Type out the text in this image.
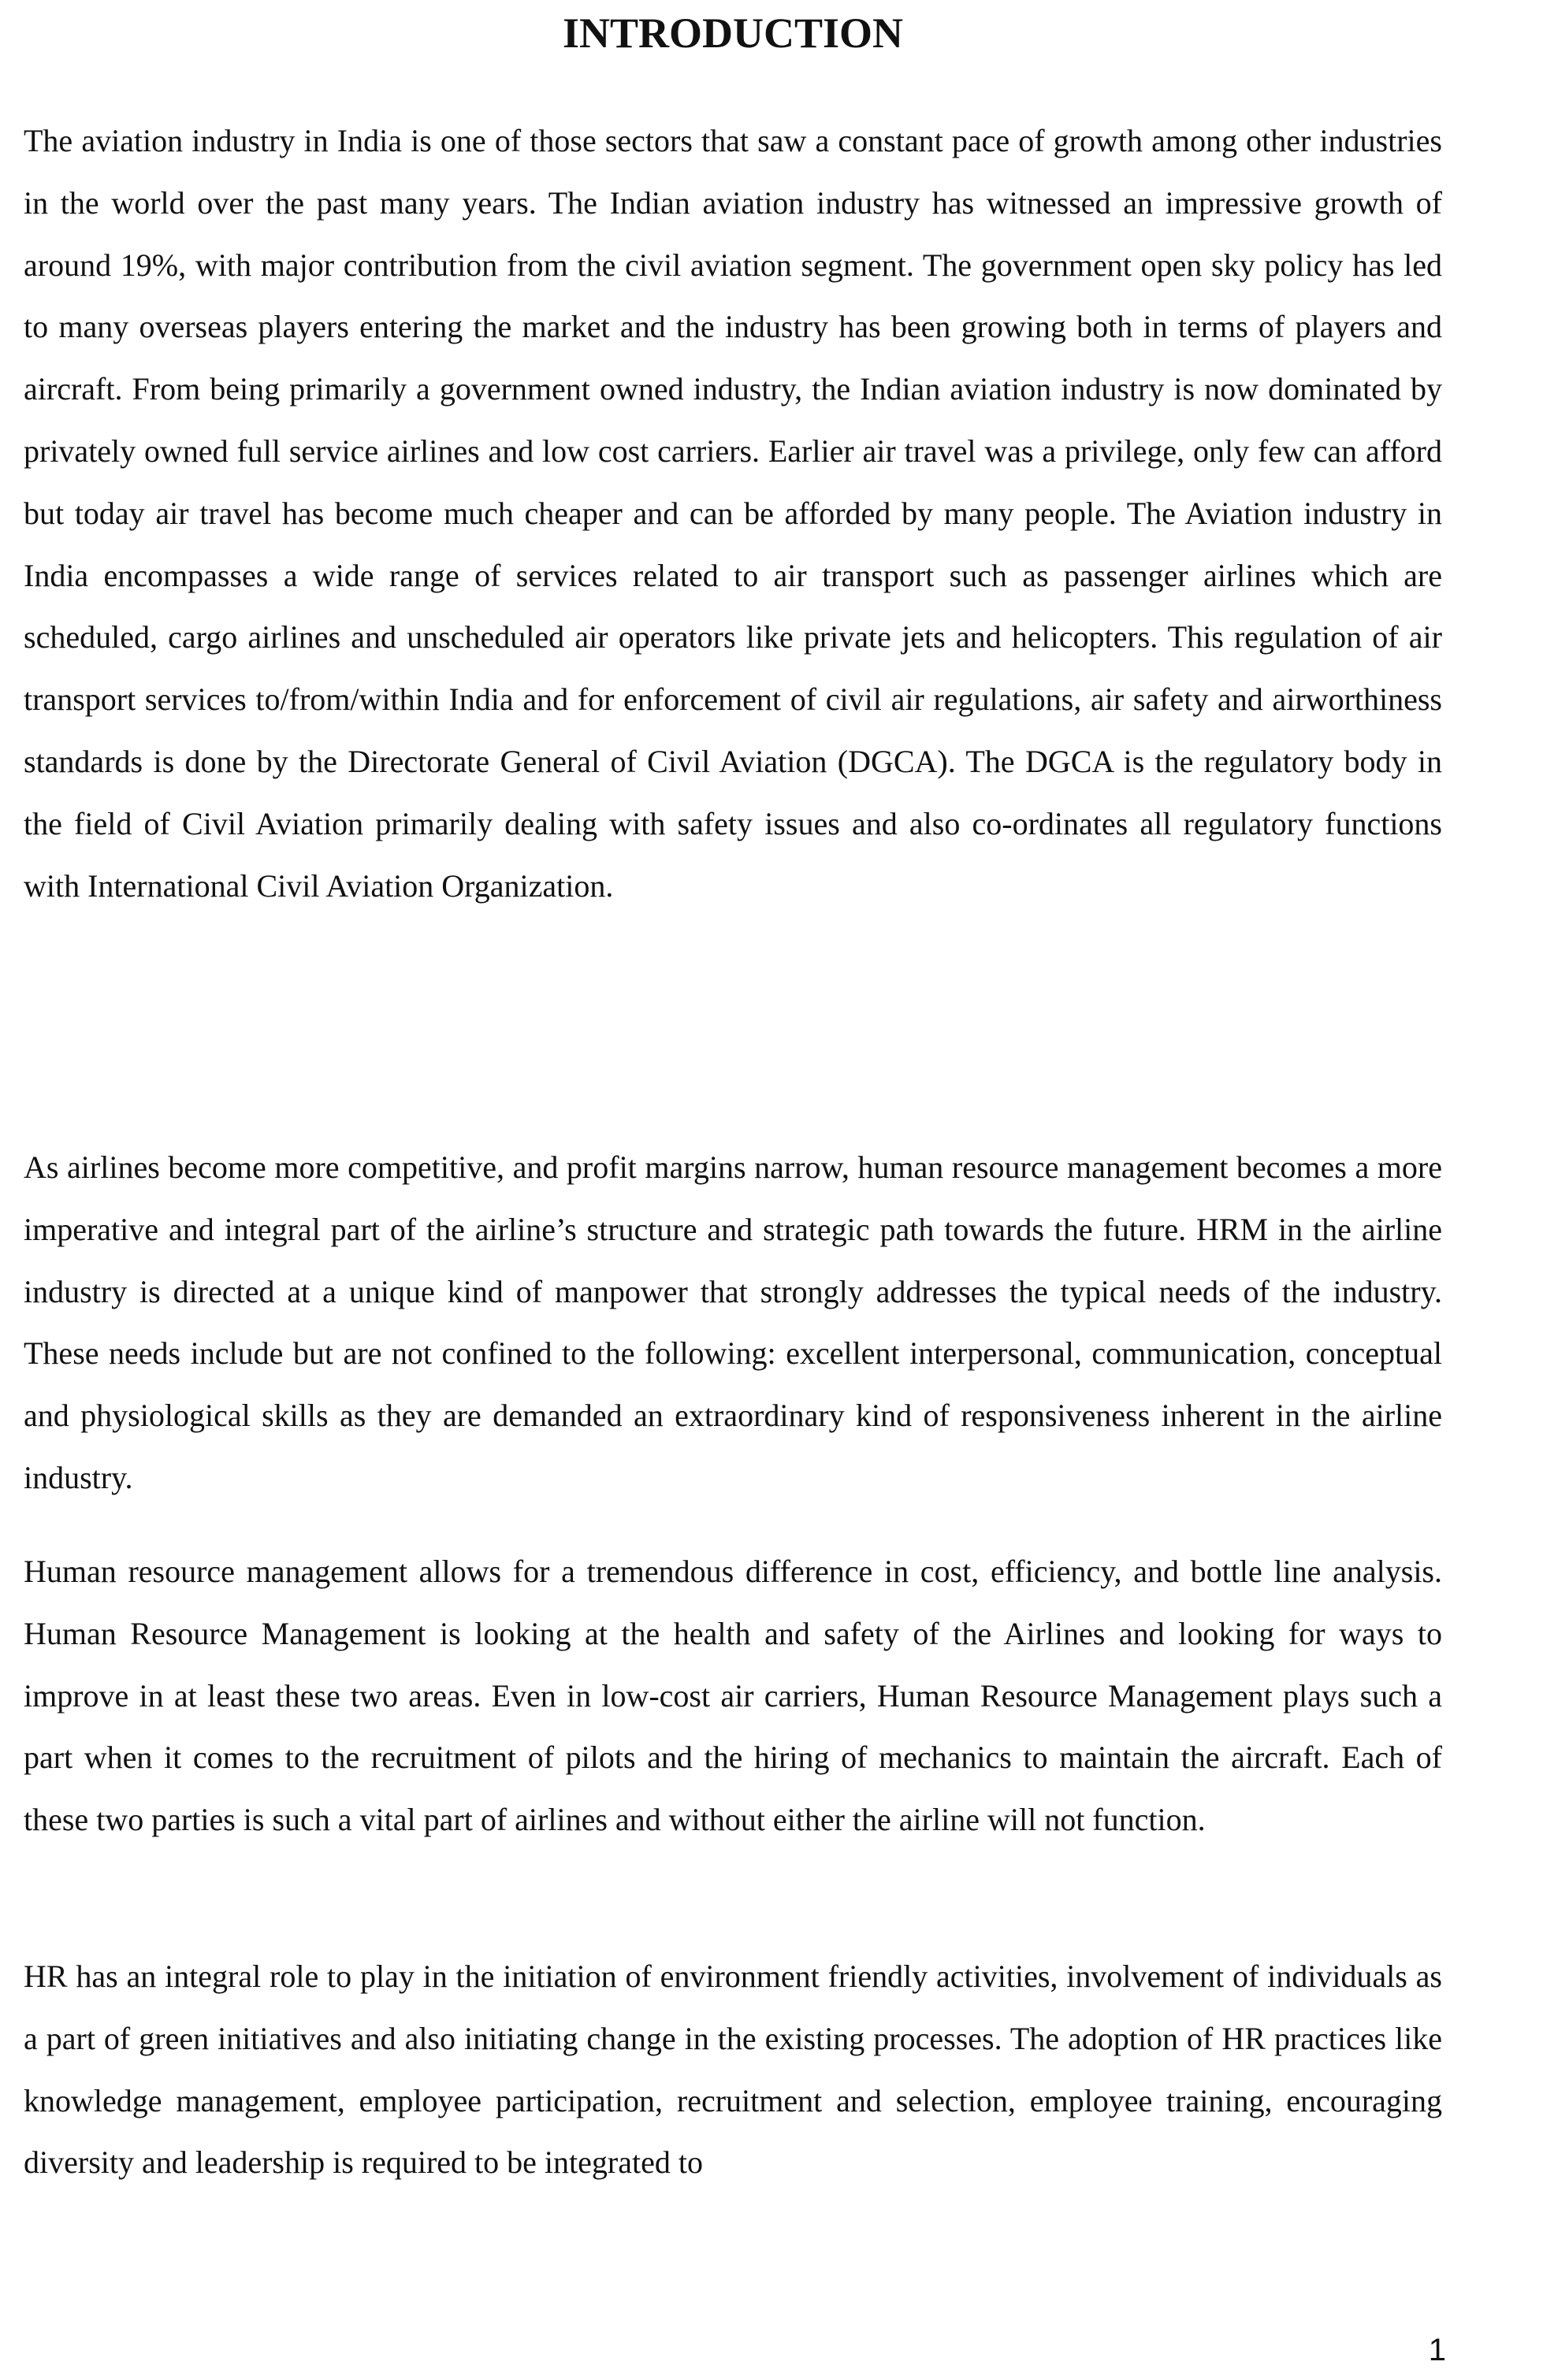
INTRODUCTION

The aviation industry in India is one of those sectors that saw a constant pace of growth among other industries in the world over the past many years. The Indian aviation industry has witnessed an impressive growth of around 19%, with major contribution from the civil aviation segment. The government open sky policy has led to many overseas players entering the market and the industry has been growing both in terms of players and aircraft. From being primarily a government owned industry, the Indian aviation industry is now dominated by privately owned full service airlines and low cost carriers. Earlier air travel was a privilege, only few can afford but today air travel has become much cheaper and can be afforded by many people. The Aviation industry in India encompasses a wide range of services related to air transport such as passenger airlines which are scheduled, cargo airlines and unscheduled air operators like private jets and helicopters. This regulation of air transport services to/from/within India and for enforcement of civil air regulations, air safety and airworthiness standards is done by the Directorate General of Civil Aviation (DGCA). The DGCA is the regulatory body in the field of Civil Aviation primarily dealing with safety issues and also co-ordinates all regulatory functions with International Civil Aviation Organization.

As airlines become more competitive, and profit margins narrow, human resource management becomes a more imperative and integral part of the airline’s structure and strategic path towards the future. HRM in the airline industry is directed at a unique kind of manpower that strongly addresses the typical needs of the industry. These needs include but are not confined to the following: excellent interpersonal, communication, conceptual and physiological skills as they are demanded an extraordinary kind of responsiveness inherent in the airline industry.

Human resource management allows for a tremendous difference in cost, efficiency, and bottle line analysis. Human Resource Management is looking at the health and safety of the Airlines and looking for ways to improve in at least these two areas. Even in low-cost air carriers, Human Resource Management plays such a part when it comes to the recruitment of pilots and the hiring of mechanics to maintain the aircraft. Each of these two parties is such a vital part of airlines and without either the airline will not function.

HR has an integral role to play in the initiation of environment friendly activities, involvement of individuals as a part of green initiatives and also initiating change in the existing processes. The adoption of HR practices like knowledge management, employee participation, recruitment and selection, employee training, encouraging diversity and leadership is required to be integrated to

1
